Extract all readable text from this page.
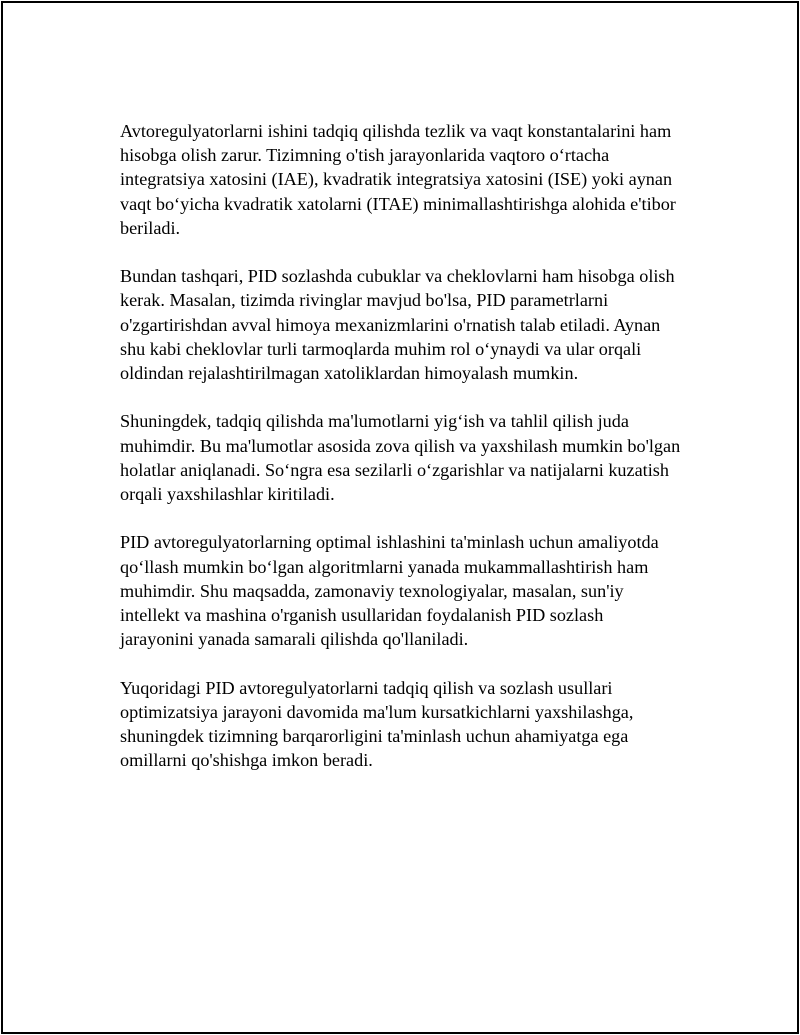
Avtoregulyatorlarni ishini tadqiq qilishda tezlik va vaqt konstantalarini ham
hisobga olish zarur. Tizimning o'tish jarayonlarida vaqtoro o‘rtacha
integratsiya xatosini (IAE), kvadratik integratsiya xatosini (ISE) yoki aynan
vaqt bo‘yicha kvadratik xatolarni (ITAE) minimallashtirishga alohida e'tibor
beriladi.

Bundan tashqari, PID sozlashda cubuklar va cheklovlarni ham hisobga olish
kerak. Masalan, tizimda rivinglar mavjud bo'lsa, PID parametrlarni
o'zgartirishdan avval himoya mexanizmlarini o'rnatish talab etiladi. Aynan
shu kabi cheklovlar turli tarmoqlarda muhim rol o‘ynaydi va ular orqali
oldindan rejalashtirilmagan xatoliklardan himoyalash mumkin.

Shuningdek, tadqiq qilishda ma'lumotlarni yig‘ish va tahlil qilish juda
muhimdir. Bu ma'lumotlar asosida zova qilish va yaxshilash mumkin bo'lgan
holatlar aniqlanadi. So‘ngra esa sezilarli o‘zgarishlar va natijalarni kuzatish
orqali yaxshilashlar kiritiladi.

PID avtoregulyatorlarning optimal ishlashini ta'minlash uchun amaliyotda
qo‘llash mumkin bo‘lgan algoritmlarni yanada mukammallashtirish ham
muhimdir. Shu maqsadda, zamonaviy texnologiyalar, masalan, sun'iy
intellekt va mashina o'rganish usullaridan foydalanish PID sozlash
jarayonini yanada samarali qilishda qo'llaniladi.

Yuqoridagi PID avtoregulyatorlarni tadqiq qilish va sozlash usullari
optimizatsiya jarayoni davomida ma'lum kursatkichlarni yaxshilashga,
shuningdek tizimning barqarorligini ta'minlash uchun ahamiyatga ega
omillarni qo'shishga imkon beradi.
